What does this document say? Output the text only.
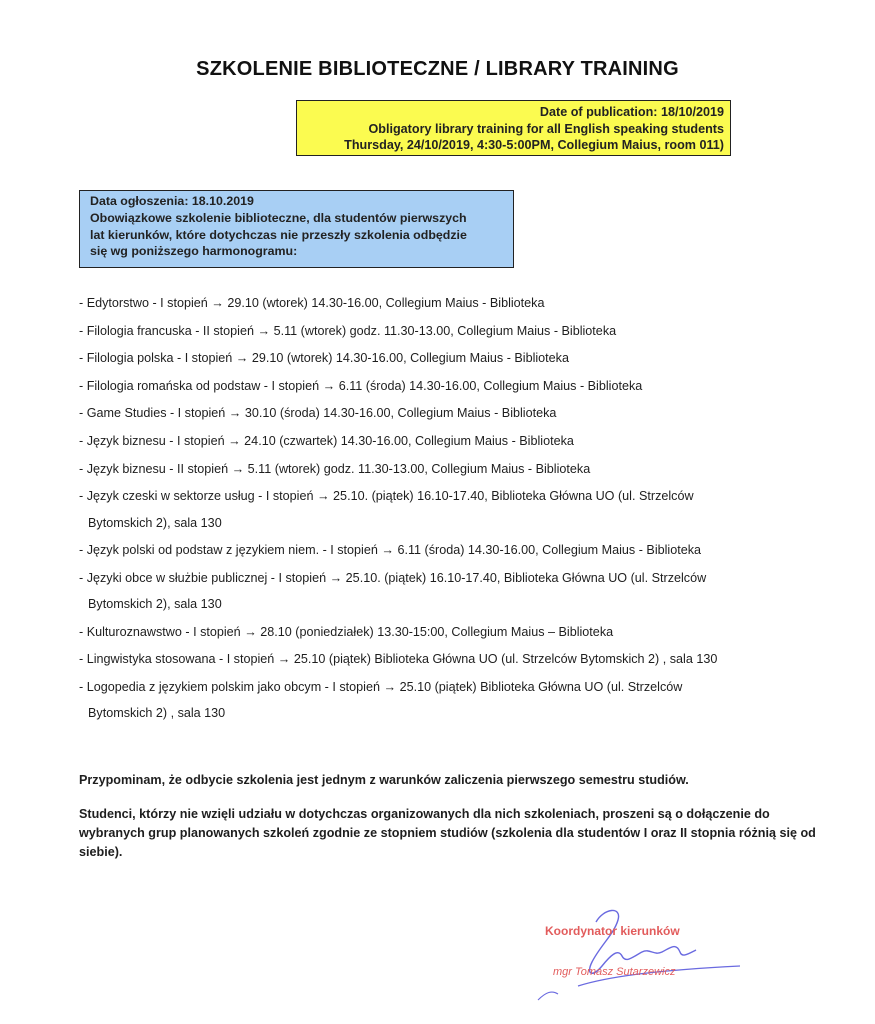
SZKOLENIE BIBLIOTECZNE / LIBRARY TRAINING
Date of publication: 18/10/2019
Obligatory library training for all English speaking students
Thursday, 24/10/2019, 4:30-5:00PM, Collegium Maius, room 011)
Data ogłoszenia: 18.10.2019
Obowiązkowe szkolenie biblioteczne, dla studentów pierwszych
lat kierunków, które dotychczas nie przeszły szkolenia odbędzie
się wg poniższego harmonogramu:
- Edytorstwo - I stopień → 29.10 (wtorek) 14.30-16.00, Collegium Maius - Biblioteka
- Filologia francuska - II stopień → 5.11 (wtorek) godz. 11.30-13.00, Collegium Maius - Biblioteka
- Filologia polska - I stopień → 29.10 (wtorek) 14.30-16.00, Collegium Maius - Biblioteka
- Filologia romańska od podstaw - I stopień → 6.11 (środa) 14.30-16.00, Collegium Maius - Biblioteka
- Game Studies - I stopień → 30.10 (środa) 14.30-16.00, Collegium Maius - Biblioteka
- Język biznesu - I stopień → 24.10 (czwartek) 14.30-16.00, Collegium Maius - Biblioteka
- Język biznesu - II stopień → 5.11 (wtorek) godz. 11.30-13.00, Collegium Maius - Biblioteka
- Język czeski w sektorze usług - I stopień → 25.10. (piątek) 16.10-17.40, Biblioteka Główna UO (ul. Strzelców
Bytomskich 2), sala 130
- Język polski od podstaw z językiem niem. - I stopień → 6.11 (środa) 14.30-16.00, Collegium Maius - Biblioteka
- Języki obce w służbie publicznej - I stopień → 25.10. (piątek) 16.10-17.40, Biblioteka Główna UO (ul. Strzelców
Bytomskich 2), sala 130
- Kulturoznawstwo - I stopień → 28.10 (poniedziałek) 13.30-15:00, Collegium Maius – Biblioteka
- Lingwistyka stosowana - I stopień → 25.10 (piątek) Biblioteka Główna UO (ul. Strzelców Bytomskich 2) , sala 130
- Logopedia z językiem polskim jako obcym - I stopień → 25.10 (piątek) Biblioteka Główna UO (ul. Strzelców
Bytomskich 2) , sala 130
Przypominam, że odbycie szkolenia jest jednym z warunków zaliczenia pierwszego semestru studiów.
Studenci, którzy nie wzięli udziału w dotychczas organizowanych dla nich szkoleniach, proszeni są o dołączenie do wybranych grup planowanych szkoleń zgodnie ze stopniem studiów (szkolenia dla studentów I oraz II stopnia różnią się od siebie).
Koordynator kierunków
mgr Tomasz Sutarzewicz
